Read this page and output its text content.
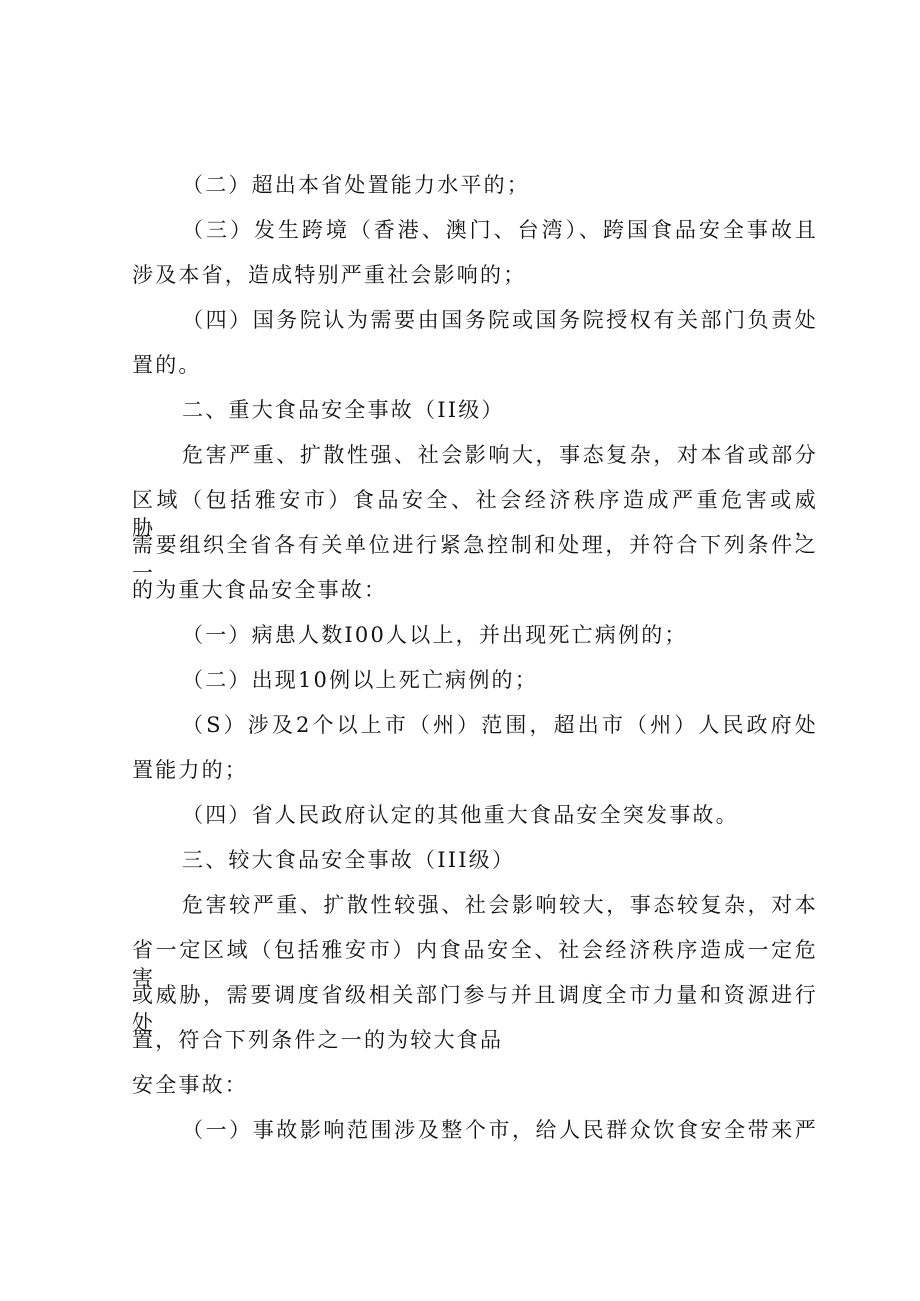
（二）超出本省处置能力水平的；
（三）发生跨境（香港、澳门、台湾）、跨国食品安全事故且
涉及本省，造成特别严重社会影响的；
（四）国务院认为需要由国务院或国务院授权有关部门负责处
置的。
二、重大食品安全事故（II级）
危害严重、扩散性强、社会影响大，事态复杂，对本省或部分
区域（包括雅安市）食品安全、社会经济秩序造成严重危害或威胁，
需要组织全省各有关单位进行紧急控制和处理，并符合下列条件之一
的为重大食品安全事故：
（一）病患人数I00人以上，并出现死亡病例的；
（二）出现10例以上死亡病例的；
（S）涉及2个以上市（州）范围，超出市（州）人民政府处
置能力的；
（四）省人民政府认定的其他重大食品安全突发事故。
三、较大食品安全事故（III级）
危害较严重、扩散性较强、社会影响较大，事态较复杂，对本
省一定区域（包括雅安市）内食品安全、社会经济秩序造成一定危害
或威胁，需要调度省级相关部门参与并且调度全市力量和资源进行处
置，符合下列条件之一的为较大食品
安全事故：
（一）事故影响范围涉及整个市，给人民群众饮食安全带来严
